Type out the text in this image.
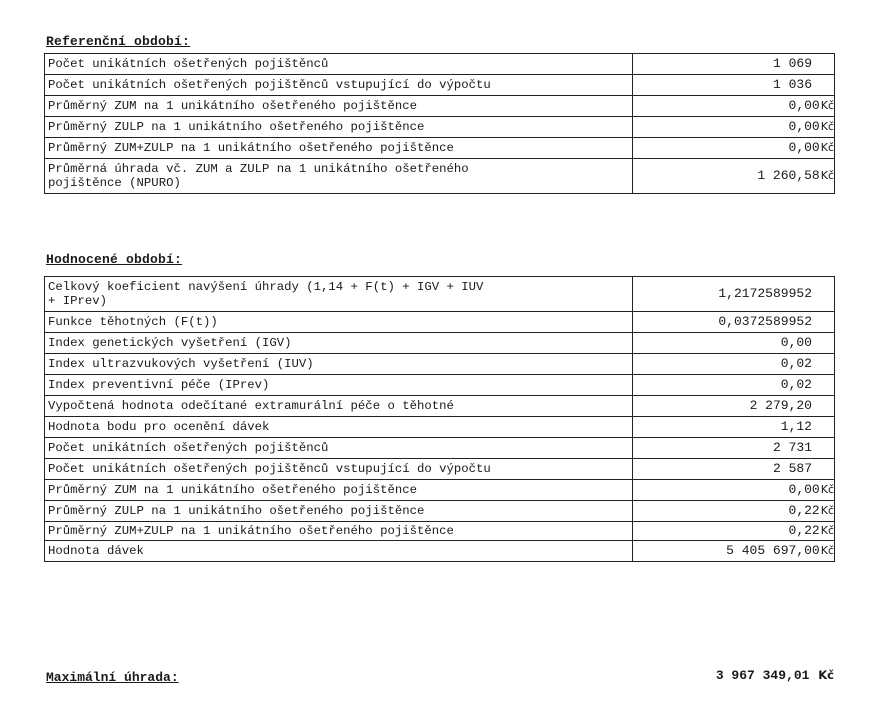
Referenční období:
Počet unikátních ošetřených pojištěnců	1 069
Počet unikátních ošetřených pojištěnců vstupující do výpočtu	1 036
Průměrný ZUM na 1 unikátního ošetřeného pojištěnce	0,00Kč
Průměrný ZULP na 1 unikátního ošetřeného pojištěnce	0,00Kč
Průměrný ZUM+ZULP na 1 unikátního ošetřeného pojištěnce	0,00Kč
Průměrná úhrada vč. ZUM a ZULP na 1 unikátního ošetřeného
pojištěnce (NPURO)	1 260,58Kč
Hodnocené období:
Celkový koeficient navýšení úhrady (1,14 + F(t) + IGV + IUV
+ IPrev)	1,2172589952
Funkce těhotných (F(t))	0,0372589952
Index genetických vyšetření (IGV)	0,00
Index ultrazvukových vyšetření (IUV)	0,02
Index preventivní péče (IPrev)	0,02
Vypočtená hodnota odečítané extramurální péče o těhotné	2 279,20
Hodnota bodu pro ocenění dávek	1,12
Počet unikátních ošetřených pojištěnců	2 731
Počet unikátních ošetřených pojištěnců vstupující do výpočtu	2 587
Průměrný ZUM na 1 unikátního ošetřeného pojištěnce	0,00Kč
Průměrný ZULP na 1 unikátního ošetřeného pojištěnce	0,22Kč
Průměrný ZUM+ZULP na 1 unikátního ošetřeného pojištěnce	0,22Kč
Hodnota dávek	5 405 697,00Kč
Maximální úhrada:	3 967 349,01 Kč
